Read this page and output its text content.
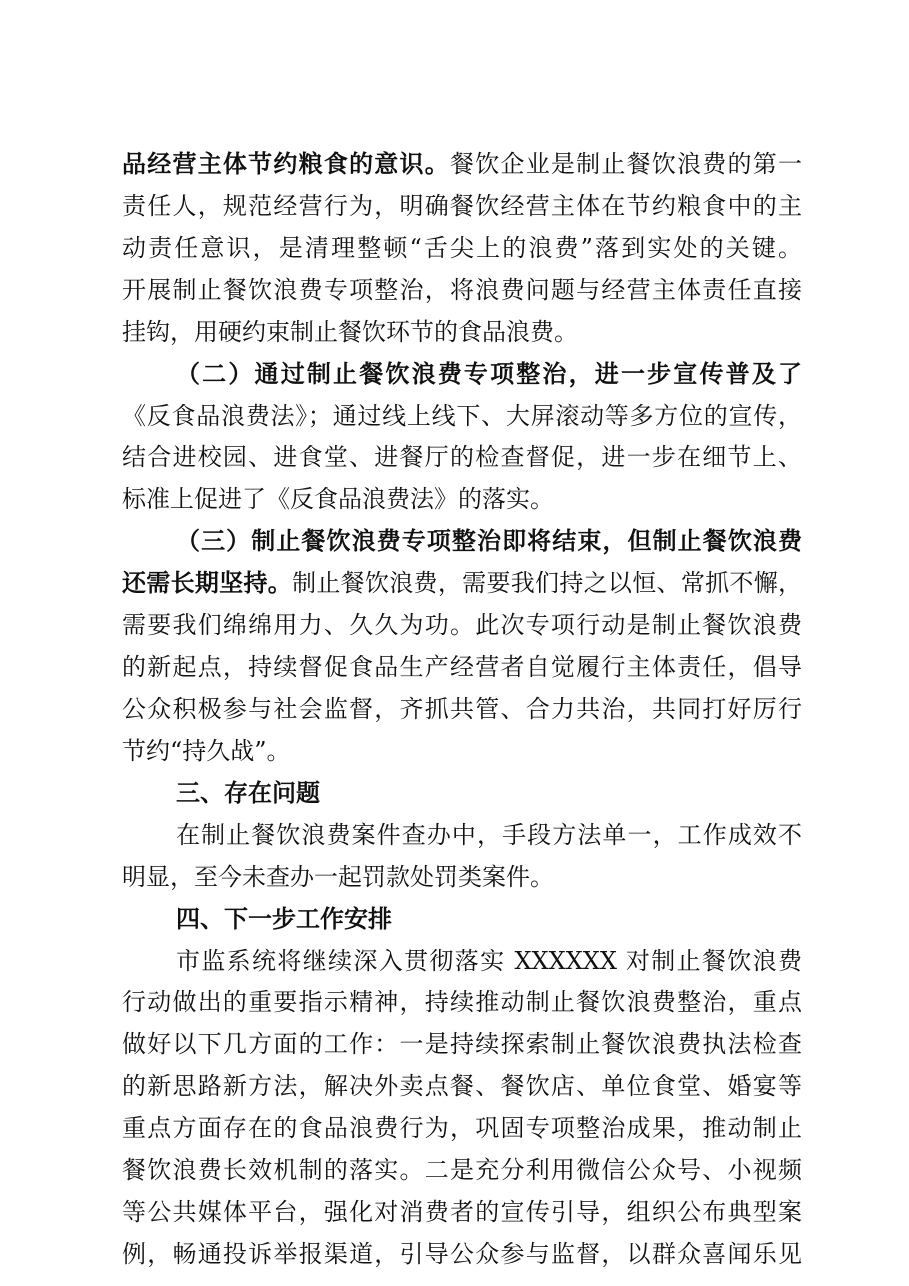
品经营主体节约粮食的意识。餐饮企业是制止餐饮浪费的第一
责任人，规范经营行为，明确餐饮经营主体在节约粮食中的主
动责任意识，是清理整顿“舌尖上的浪费”落到实处的关键。
开展制止餐饮浪费专项整治，将浪费问题与经营主体责任直接
挂钩，用硬约束制止餐饮环节的食品浪费。
（二）通过制止餐饮浪费专项整治，进一步宣传普及了
《反食品浪费法》；通过线上线下、大屏滚动等多方位的宣传，
结合进校园、进食堂、进餐厅的检查督促，进一步在细节上、
标准上促进了《反食品浪费法》的落实。
（三）制止餐饮浪费专项整治即将结束，但制止餐饮浪费
还需长期坚持。制止餐饮浪费，需要我们持之以恒、常抓不懈，
需要我们绵绵用力、久久为功。此次专项行动是制止餐饮浪费
的新起点，持续督促食品生产经营者自觉履行主体责任，倡导
公众积极参与社会监督，齐抓共管、合力共治，共同打好厉行
节约“持久战”。
三、存在问题
在制止餐饮浪费案件查办中，手段方法单一，工作成效不
明显，至今未查办一起罚款处罚类案件。
四、下一步工作安排
市监系统将继续深入贯彻落实 XXXXXX 对制止餐饮浪费
行动做出的重要指示精神，持续推动制止餐饮浪费整治，重点
做好以下几方面的工作：一是持续探索制止餐饮浪费执法检查
的新思路新方法，解决外卖点餐、餐饮店、单位食堂、婚宴等
重点方面存在的食品浪费行为，巩固专项整治成果，推动制止
餐饮浪费长效机制的落实。二是充分利用微信公众号、小视频
等公共媒体平台，强化对消费者的宣传引导，组织公布典型案
例，畅通投诉举报渠道，引导公众参与监督，以群众喜闻乐见
